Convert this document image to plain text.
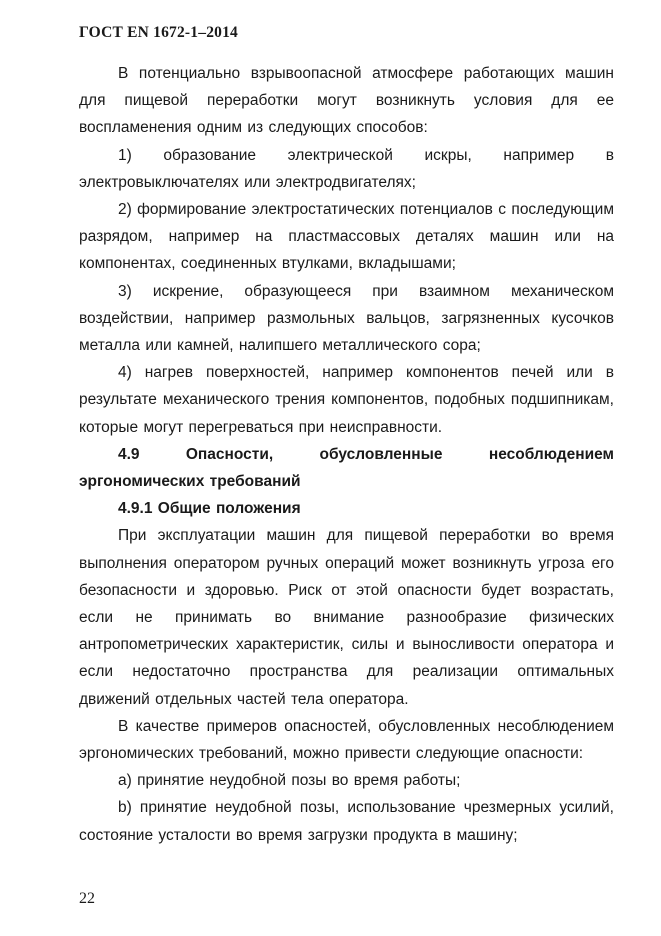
ГОСТ EN 1672-1–2014

В потенциально взрывоопасной атмосфере работающих машин для пищевой переработки могут возникнуть условия для ее воспламенения одним из следующих способов:

1) образование электрической искры, например в электровыключателях или электродвигателях;

2) формирование электростатических потенциалов с последующим разрядом, например на пластмассовых деталях машин или на компонентах, соединенных втулками, вкладышами;

3) искрение, образующееся при взаимном механическом воздействии, например размольных вальцов, загрязненных кусочков металла или камней, налипшего металлического сора;

4) нагрев поверхностей, например компонентов печей или в результате механического трения компонентов, подобных подшипникам, которые могут перегреваться при неисправности.

4.9 Опасности, обусловленные несоблюдением эргономических требований

4.9.1 Общие положения

При эксплуатации машин для пищевой переработки во время выполнения оператором ручных операций может возникнуть угроза его безопасности и здоровью. Риск от этой опасности будет возрастать, если не принимать во внимание разнообразие физических антропометрических характеристик, силы и выносливости оператора и если недостаточно пространства для реализации оптимальных движений отдельных частей тела оператора.

В качестве примеров опасностей, обусловленных несоблюдением эргономических требований, можно привести следующие опасности:

a) принятие неудобной позы во время работы;

b) принятие неудобной позы, использование чрезмерных усилий, состояние усталости во время загрузки продукта в машину;

22
